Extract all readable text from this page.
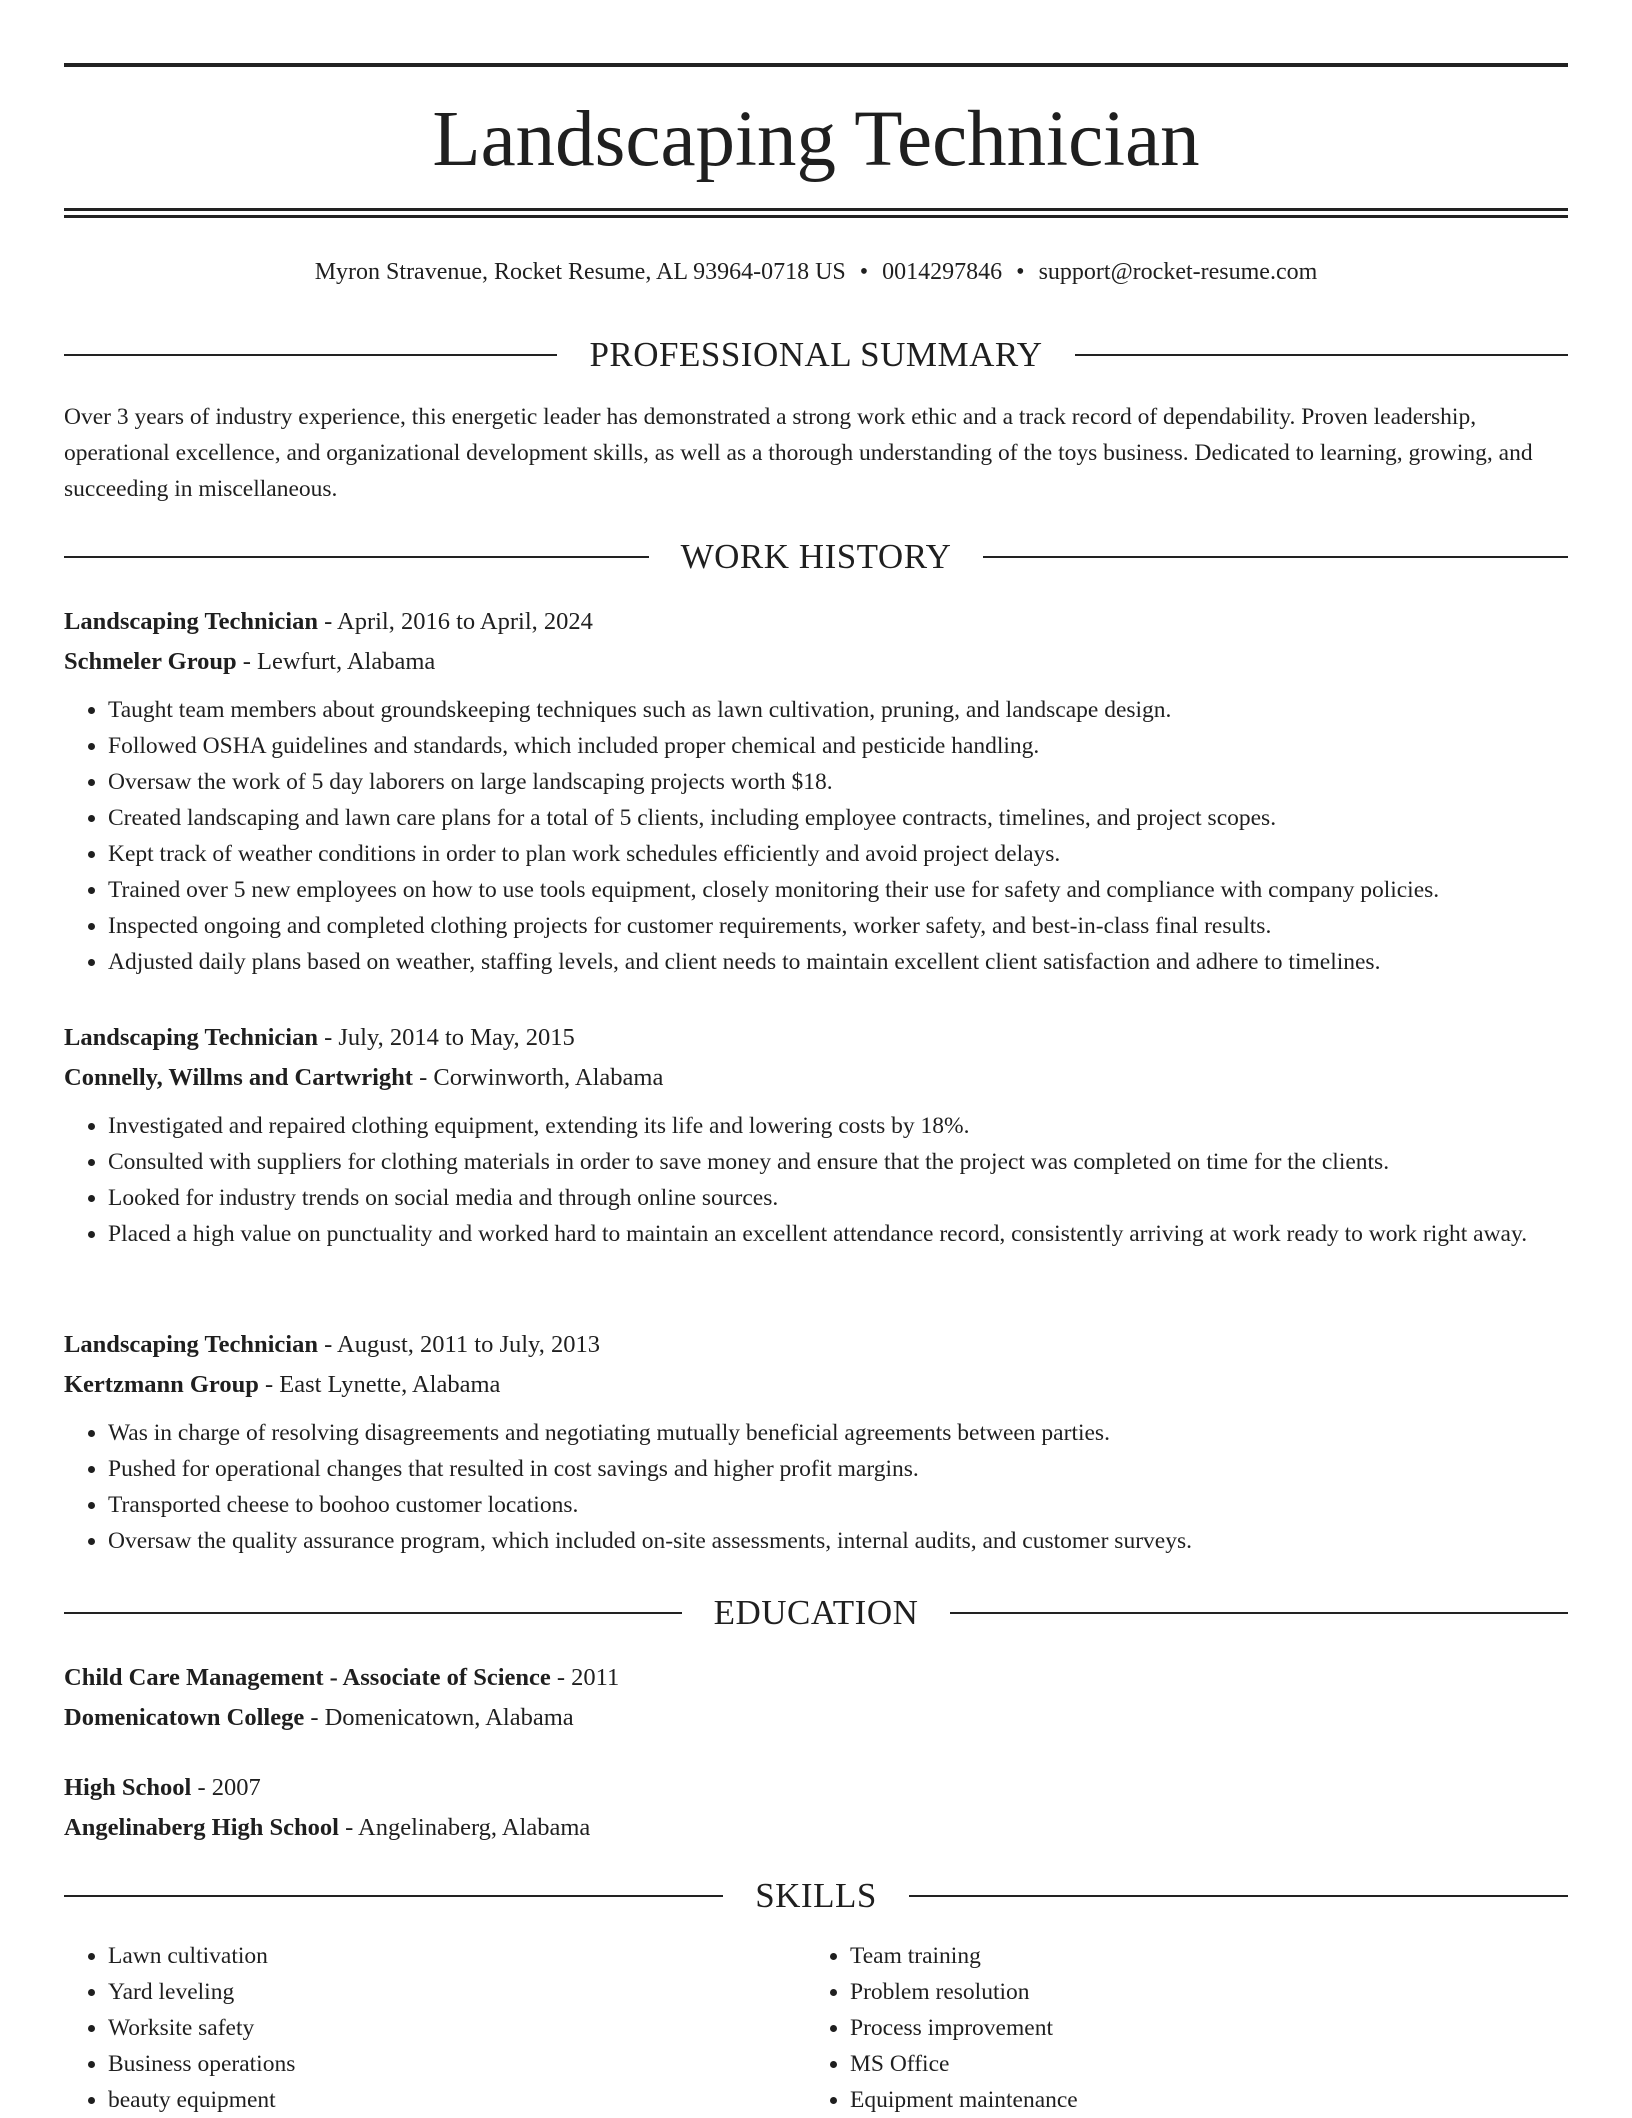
Landscaping Technician
Myron Stravenue, Rocket Resume, AL 93964-0718 US • 0014297846 • support@rocket-resume.com
PROFESSIONAL SUMMARY

Over 3 years of industry experience, this energetic leader has demonstrated a strong work ethic and a track record of dependability. Proven leadership, operational excellence, and organizational development skills, as well as a thorough understanding of the toys business. Dedicated to learning, growing, and succeeding in miscellaneous.

WORK HISTORY
Landscaping Technician - April, 2016 to April, 2024
Schmeler Group - Lewfurt, Alabama
• Taught team members about groundskeeping techniques such as lawn cultivation, pruning, and landscape design.
• Followed OSHA guidelines and standards, which included proper chemical and pesticide handling.
• Oversaw the work of 5 day laborers on large landscaping projects worth $18.
• Created landscaping and lawn care plans for a total of 5 clients, including employee contracts, timelines, and project scopes.
• Kept track of weather conditions in order to plan work schedules efficiently and avoid project delays.
• Trained over 5 new employees on how to use tools equipment, closely monitoring their use for safety and compliance with company policies.
• Inspected ongoing and completed clothing projects for customer requirements, worker safety, and best-in-class final results.
• Adjusted daily plans based on weather, staffing levels, and client needs to maintain excellent client satisfaction and adhere to timelines.
Landscaping Technician - July, 2014 to May, 2015
Connelly, Willms and Cartwright - Corwinworth, Alabama
• Investigated and repaired clothing equipment, extending its life and lowering costs by 18%.
• Consulted with suppliers for clothing materials in order to save money and ensure that the project was completed on time for the clients.
• Looked for industry trends on social media and through online sources.
• Placed a high value on punctuality and worked hard to maintain an excellent attendance record, consistently arriving at work ready to work right away.
Landscaping Technician - August, 2011 to July, 2013
Kertzmann Group - East Lynette, Alabama
• Was in charge of resolving disagreements and negotiating mutually beneficial agreements between parties.
• Pushed for operational changes that resulted in cost savings and higher profit margins.
• Transported cheese to boohoo customer locations.
• Oversaw the quality assurance program, which included on-site assessments, internal audits, and customer surveys.
EDUCATION
Child Care Management - Associate of Science - 2011
Domenicatown College - Domenicatown, Alabama
High School - 2007
Angelinaberg High School - Angelinaberg, Alabama
SKILLS
• Lawn cultivation
• Yard leveling
• Worksite safety
• Business operations
• beauty equipment
• Team training
• Problem resolution
• Process improvement
• MS Office
• Equipment maintenance
